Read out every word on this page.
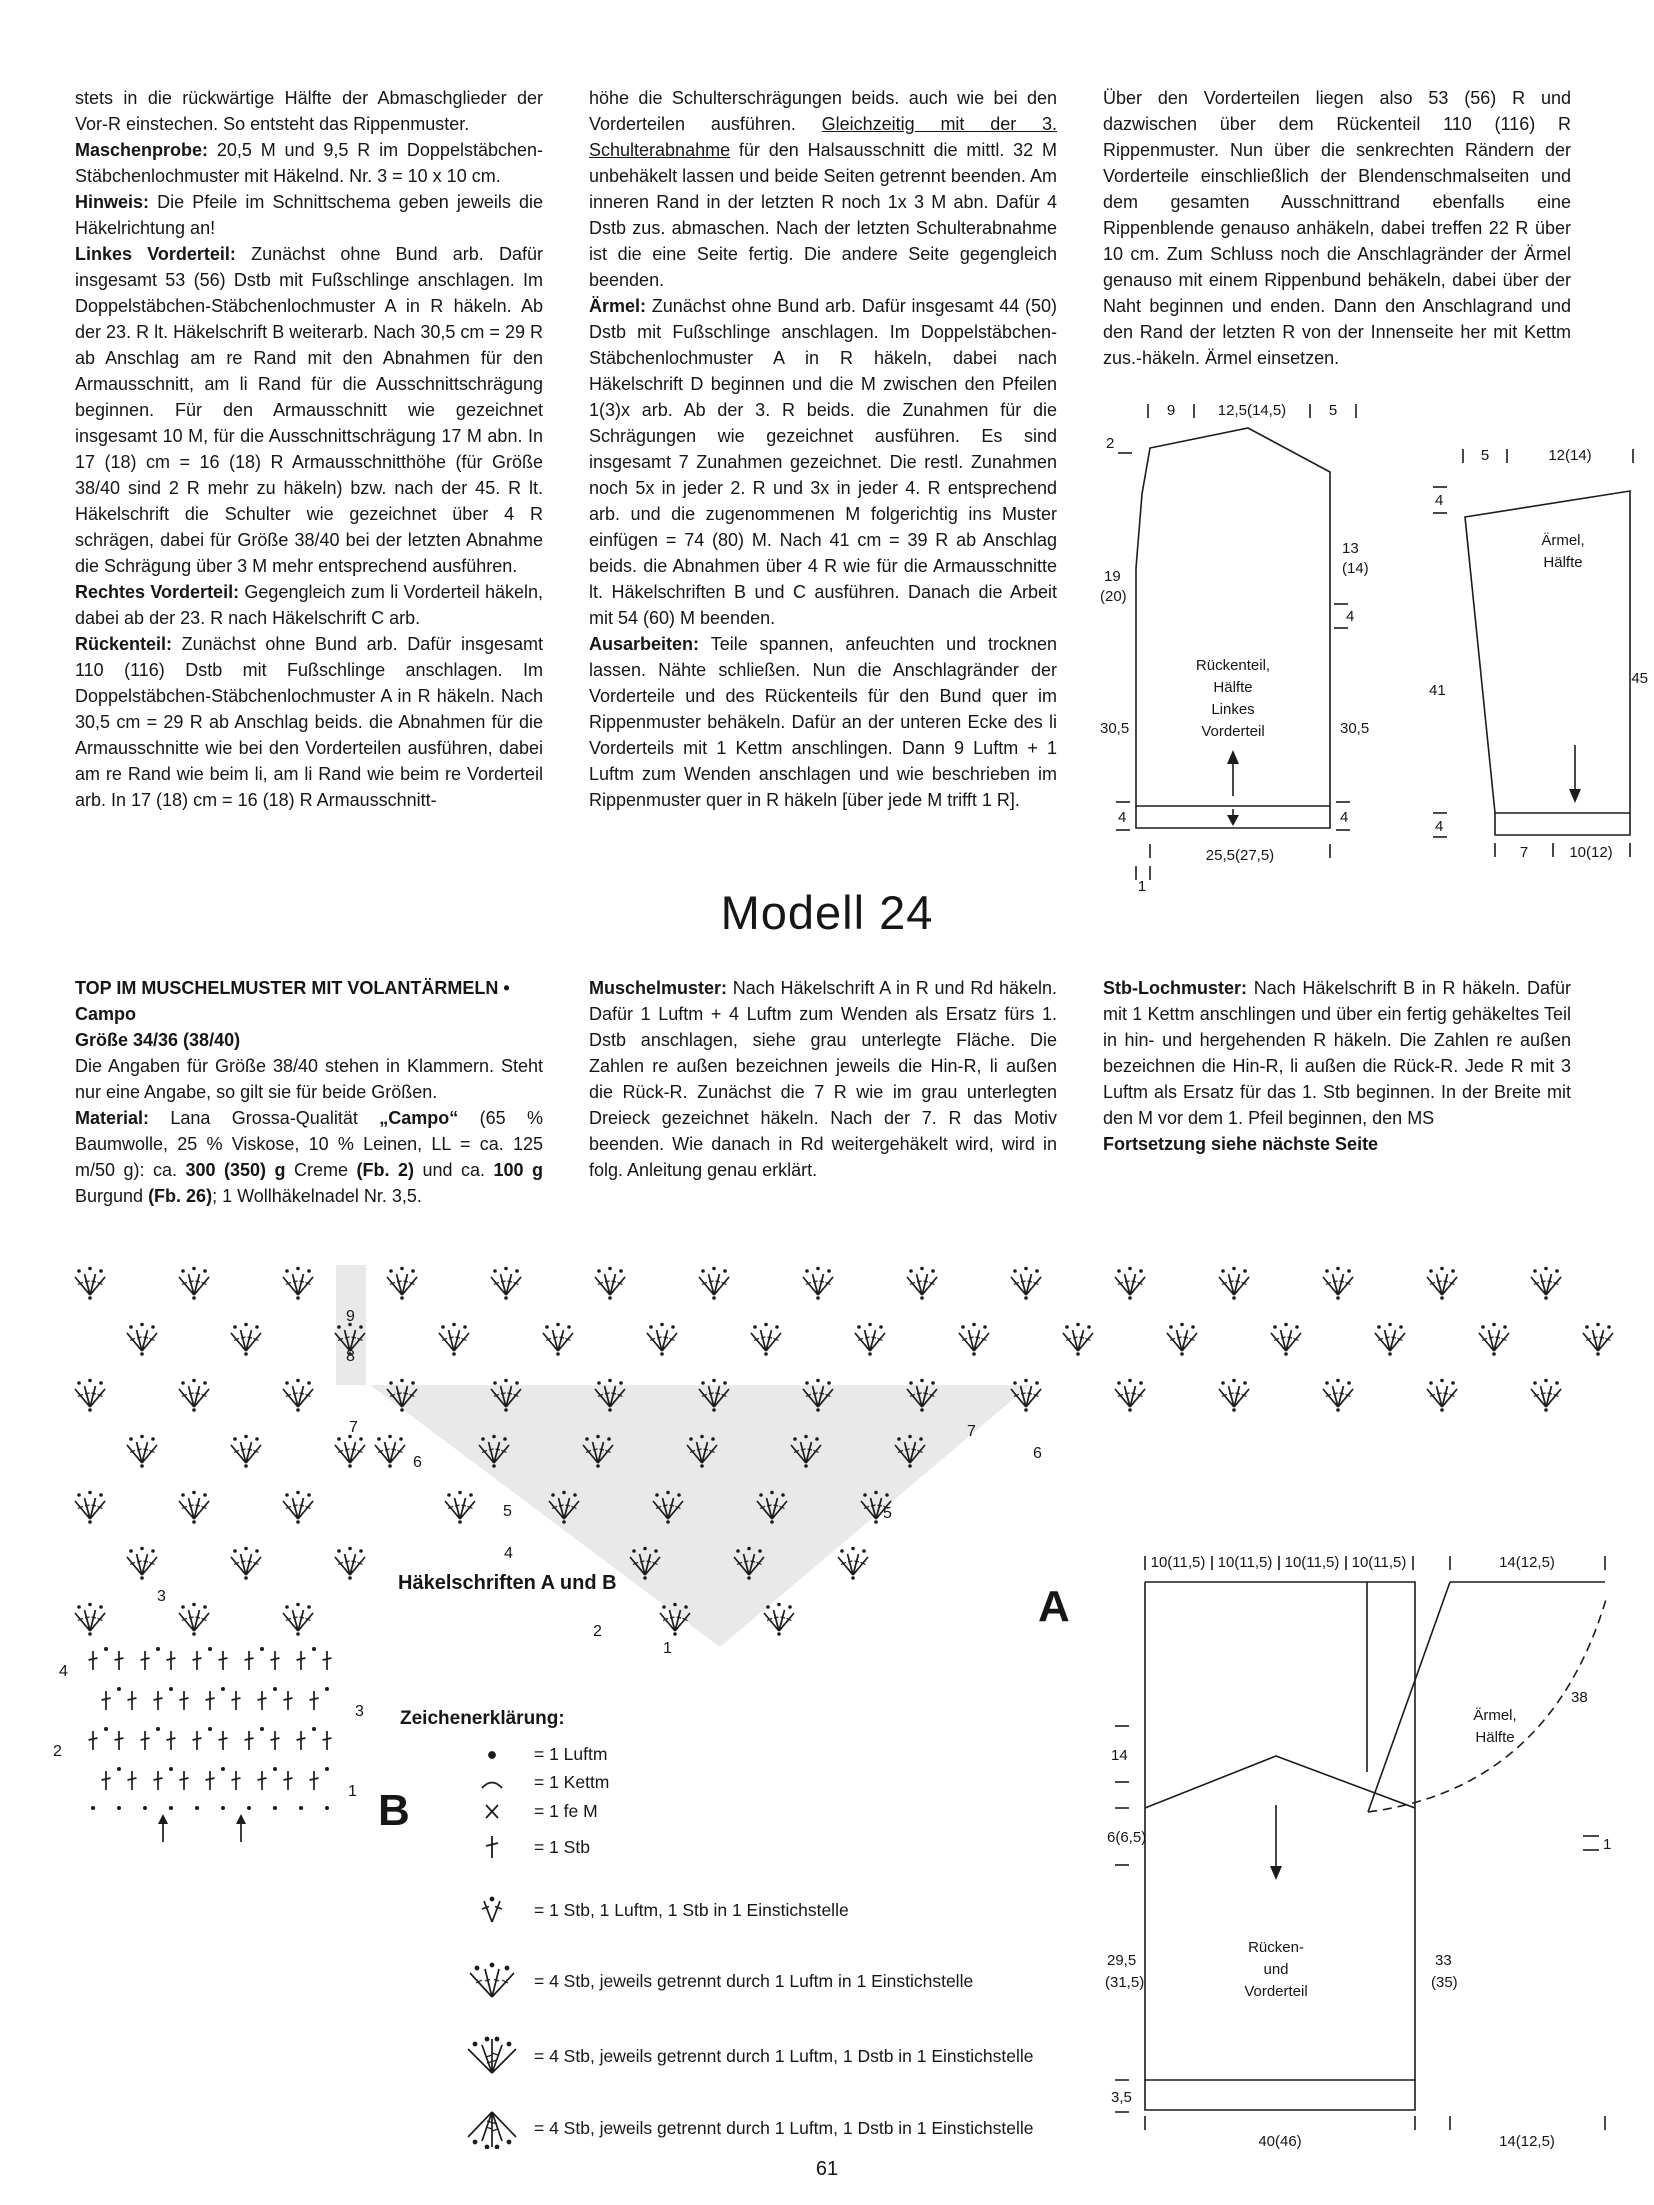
stets in die rückwärtige Hälfte der Abmaschglieder der Vor-R einstechen. So entsteht das Rippenmuster.

Maschenprobe: 20,5 M und 9,5 R im Doppelstäbchen-Stäbchenlochmuster mit Häkelnd. Nr. 3 = 10 x 10 cm.

Hinweis: Die Pfeile im Schnittschema geben jeweils die Häkelrichtung an!

Linkes Vorderteil: Zunächst ohne Bund arb. Dafür insgesamt 53 (56) Dstb mit Fußschlinge anschlagen. Im Doppelstäbchen-Stäbchenlochmuster A in R häkeln. Ab der 23. R lt. Häkelschrift B weiterarb. Nach 30,5 cm = 29 R ab Anschlag am re Rand mit den Abnahmen für den Armausschnitt, am li Rand für die Ausschnittschrägung beginnen. Für den Armausschnitt wie gezeichnet insgesamt 10 M, für die Ausschnittschrägung 17 M abn. In 17 (18) cm = 16 (18) R Armausschnitthöhe (für Größe 38/40 sind 2 R mehr zu häkeln) bzw. nach der 45. R lt. Häkelschrift die Schulter wie gezeichnet über 4 R schrägen, dabei für Größe 38/40 bei der letzten Abnahme die Schrägung über 3 M mehr entsprechend ausführen.

Rechtes Vorderteil: Gegengleich zum li Vorderteil häkeln, dabei ab der 23. R nach Häkelschrift C arb.

Rückenteil: Zunächst ohne Bund arb. Dafür insgesamt 110 (116) Dstb mit Fußschlinge anschlagen. Im Doppelstäbchen-Stäbchenlochmuster A in R häkeln. Nach 30,5 cm = 29 R ab Anschlag beids. die Abnahmen für die Armausschnitte wie bei den Vorderteilen ausführen, dabei am re Rand wie beim li, am li Rand wie beim re Vorderteil arb. In 17 (18) cm = 16 (18) R Armausschnitt-

höhe die Schulterschrägungen beids. auch wie bei den Vorderteilen ausführen. Gleichzeitig mit der 3. Schulterabnahme für den Halsausschnitt die mittl. 32 M unbehäkelt lassen und beide Seiten getrennt beenden. Am inneren Rand in der letzten R noch 1x 3 M abn. Dafür 4 Dstb zus. abmaschen. Nach der letzten Schulterabnahme ist die eine Seite fertig. Die andere Seite gegengleich beenden.

Ärmel: Zunächst ohne Bund arb. Dafür insgesamt 44 (50) Dstb mit Fußschlinge anschlagen. Im Doppelstäbchen-Stäbchenlochmuster A in R häkeln, dabei nach Häkelschrift D beginnen und die M zwischen den Pfeilen 1(3)x arb. Ab der 3. R beids. die Zunahmen für die Schrägungen wie gezeichnet ausführen. Es sind insgesamt 7 Zunahmen gezeichnet. Die restl. Zunahmen noch 5x in jeder 2. R und 3x in jeder 4. R entsprechend arb. und die zugenommenen M folgerichtig ins Muster einfügen = 74 (80) M. Nach 41 cm = 39 R ab Anschlag beids. die Abnahmen über 4 R wie für die Armausschnitte lt. Häkelschriften B und C ausführen. Danach die Arbeit mit 54 (60) M beenden.

Ausarbeiten: Teile spannen, anfeuchten und trocknen lassen. Nähte schließen. Nun die Anschlagränder der Vorderteile und des Rückenteils für den Bund quer im Rippenmuster behäkeln. Dafür an der unteren Ecke des li Vorderteils mit 1 Kettm anschlingen. Dann 9 Luftm + 1 Luftm zum Wenden anschlagen und wie beschrieben im Rippenmuster quer in R häkeln [über jede M trifft 1 R].

Über den Vorderteilen liegen also 53 (56) R und dazwischen über dem Rückenteil 110 (116) R Rippenmuster. Nun über die senkrechten Rändern der Vorderteile einschließlich der Blendenschmalseiten und dem gesamten Ausschnittrand ebenfalls eine Rippenblende genauso anhäkeln, dabei treffen 22 R über 10 cm. Zum Schluss noch die Anschlagränder der Ärmel genauso mit einem Rippenbund behäkeln, dabei über der Naht beginnen und enden. Dann den Anschlagrand und den Rand der letzten R von der Innenseite her mit Kettm zus.-häkeln. Ärmel einsetzen.

9	12,5(14,5)	5
2
Rückenteil,
Hälfte
Linkes
Vorderteil
19
(20)
30,5
13
(14)
4
30,5
4	4
25,5(27,5)
1
5	12(14)
4
Ärmel,
Hälfte
41
45
4
7	10(12)
Modell 24
TOP IM MUSCHELMUSTER MIT VOLANTÄRMELN •
Campo
Größe 34/36 (38/40)

Die Angaben für Größe 38/40 stehen in Klammern. Steht nur eine Angabe, so gilt sie für beide Größen.

Material: Lana Grossa-Qualität „Campo“ (65 % Baumwolle, 25 % Viskose, 10 % Leinen, LL = ca. 125 m/50 g): ca. 300 (350) g Creme (Fb. 2) und ca. 100 g Burgund (Fb. 26); 1 Wollhäkelnadel Nr. 3,5.

Muschelmuster: Nach Häkelschrift A in R und Rd häkeln. Dafür 1 Luftm + 4 Luftm zum Wenden als Ersatz fürs 1. Dstb anschlagen, siehe grau unterlegte Fläche. Die Zahlen re außen bezeichnen jeweils die Hin-R, li außen die Rück-R. Zunächst die 7 R wie im grau unterlegten Dreieck gezeichnet häkeln. Nach der 7. R das Motiv beenden. Wie danach in Rd weitergehäkelt wird, wird in folg. Anleitung genau erklärt.

Stb-Lochmuster: Nach Häkelschrift B in R häkeln. Dafür mit 1 Kettm anschlingen und über ein fertig gehäkeltes Teil in hin- und hergehenden R häkeln. Die Zahlen re außen bezeichnen die Hin-R, li außen die Rück-R. Jede R mit 3 Luftm als Ersatz für das 1. Stb beginnen. In der Breite mit den M vor dem 1. Pfeil beginnen, den MS

Fortsetzung siehe nächste Seite

9
8
7
6
5
4
3
2
1
7
6
5
Häkelschriften A und B	A
4
3
2
1 B
Zeichenerklärung:
= 1 Luftm
= 1 Kettm
= 1 fe M
= 1 Stb
= 1 Stb, 1 Luftm, 1 Stb in 1 Einstichstelle
= 4 Stb, jeweils getrennt durch 1 Luftm in 1 Einstichstelle
= 4 Stb, jeweils getrennt durch 1 Luftm, 1 Dstb in 1 Einstichstelle
= 4 Stb, jeweils getrennt durch 1 Luftm, 1 Dstb in 1 Einstichstelle
10(11,5) 10(11,5) 10(11,5) 10(11,5)	14(12,5)
Ärmel,
Hälfte
38
14
6(6,5)	1
Rücken-
und
Vorderteil
29,5
(31,5)
33
(35)
3,5
40(46)	14(12,5)
61
